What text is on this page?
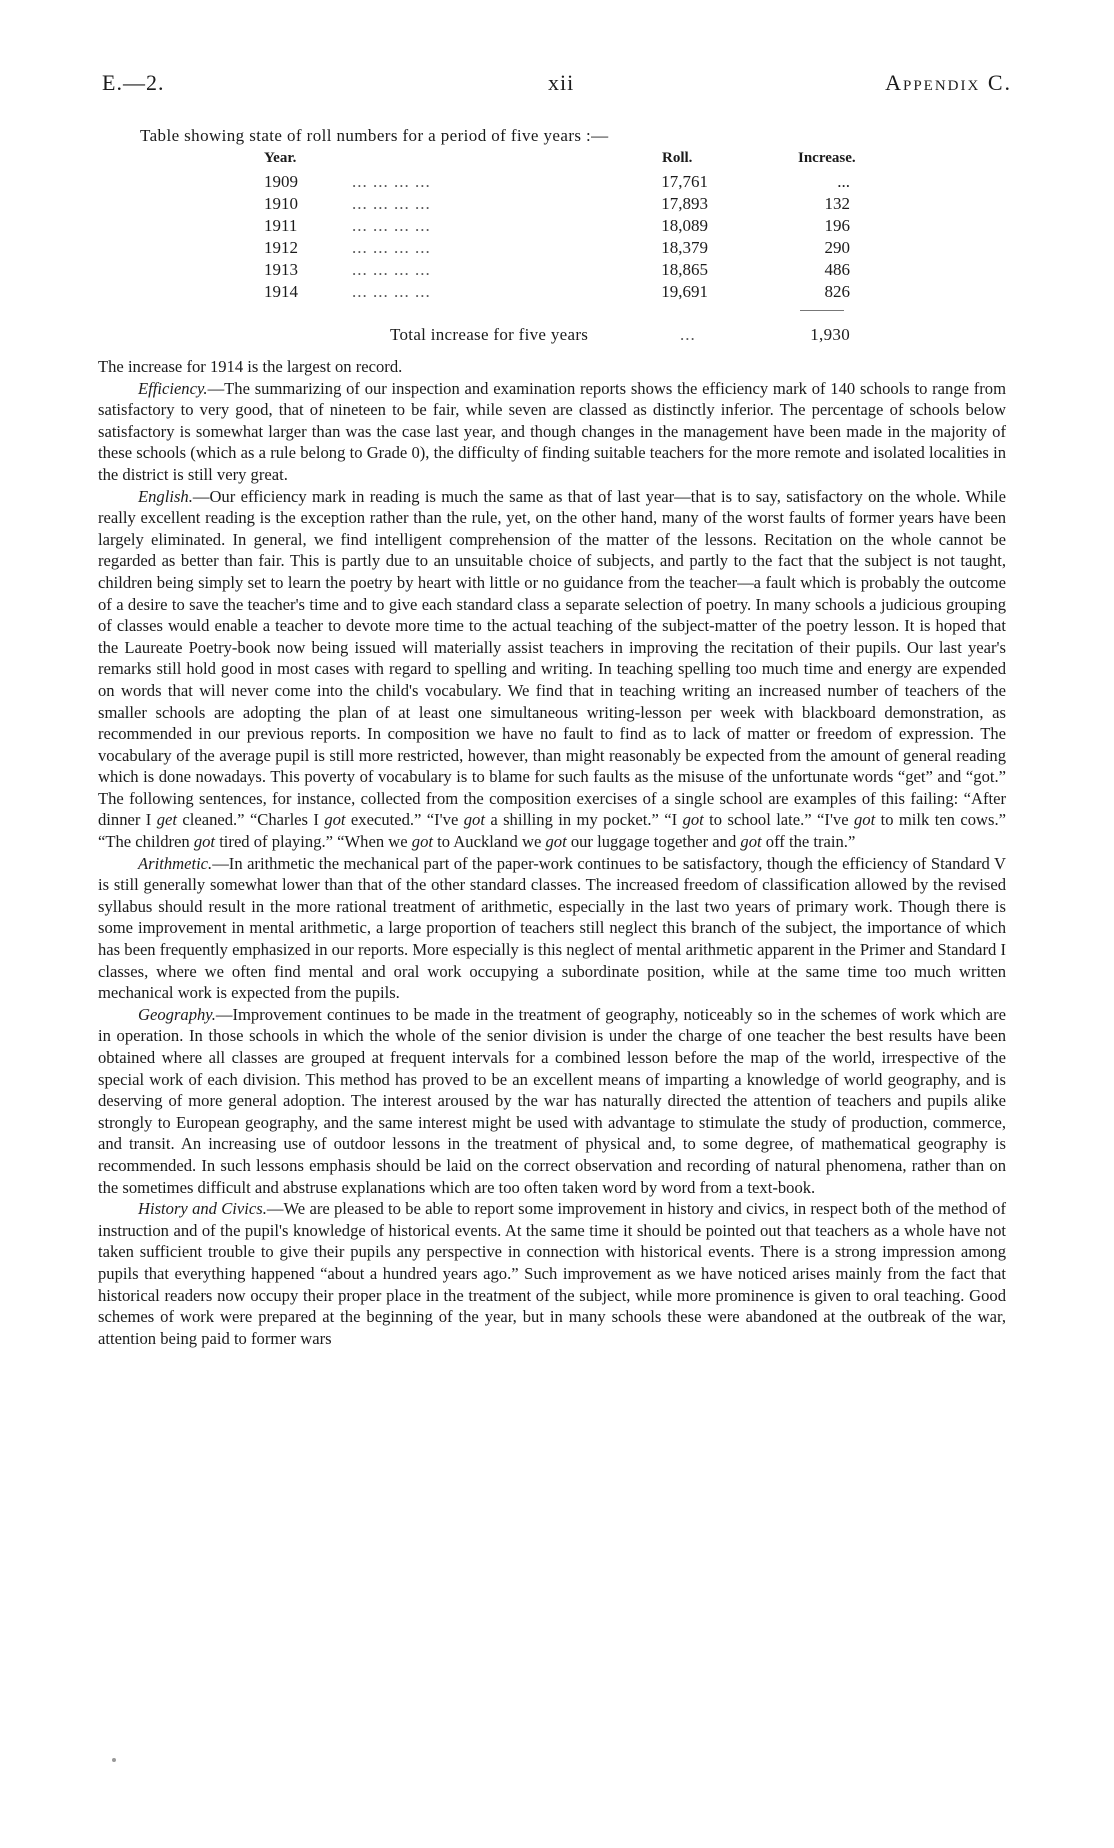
E.—2.	xii	Appendix C.
Table showing state of roll numbers for a period of five years :—
Year.	Roll.	Increase.
1909	... ... ... ...	17,761	...
1910	... ... ... ...	17,893	132
1911	... ... ... ...	18,089	196
1912	... ... ... ...	18,379	290
1913	... ... ... ...	18,865	486
1914	... ... ... ...	19,691	826
Total increase for five years	...	1,930

The increase for 1914 is the largest on record.

Efficiency.—The summarizing of our inspection and examination reports shows the efficiency mark of 140 schools to range from satisfactory to very good, that of nineteen to be fair, while seven are classed as distinctly inferior. The percentage of schools below satisfactory is somewhat larger than was the case last year, and though changes in the management have been made in the majority of these schools (which as a rule belong to Grade 0), the difficulty of finding suitable teachers for the more remote and isolated localities in the district is still very great.

English.—Our efficiency mark in reading is much the same as that of last year—that is to say, satisfactory on the whole. While really excellent reading is the exception rather than the rule, yet, on the other hand, many of the worst faults of former years have been largely eliminated. In general, we find intelligent comprehension of the matter of the lessons. Recitation on the whole cannot be regarded as better than fair. This is partly due to an unsuitable choice of subjects, and partly to the fact that the subject is not taught, children being simply set to learn the poetry by heart with little or no guidance from the teacher—a fault which is probably the outcome of a desire to save the teacher's time and to give each standard class a separate selection of poetry. In many schools a judicious grouping of classes would enable a teacher to devote more time to the actual teaching of the subject-matter of the poetry lesson. It is hoped that the Laureate Poetry-book now being issued will materially assist teachers in improving the recitation of their pupils. Our last year's remarks still hold good in most cases with regard to spelling and writing. In teaching spelling too much time and energy are expended on words that will never come into the child's vocabulary. We find that in teaching writing an increased number of teachers of the smaller schools are adopting the plan of at least one simultaneous writing-lesson per week with blackboard demonstration, as recommended in our previous reports. In composition we have no fault to find as to lack of matter or freedom of expression. The vocabulary of the average pupil is still more restricted, however, than might reasonably be expected from the amount of general reading which is done nowadays. This poverty of vocabulary is to blame for such faults as the misuse of the unfortunate words “get” and “got.” The following sentences, for instance, collected from the composition exercises of a single school are examples of this failing: “After dinner I get cleaned.” “Charles I got executed.” “I've got a shilling in my pocket.” “I got to school late.” “I've got to milk ten cows.” “The children got tired of playing.” “When we got to Auckland we got our luggage together and got off the train.”

Arithmetic.—In arithmetic the mechanical part of the paper-work continues to be satisfactory, though the efficiency of Standard V is still generally somewhat lower than that of the other standard classes. The increased freedom of classification allowed by the revised syllabus should result in the more rational treatment of arithmetic, especially in the last two years of primary work. Though there is some improvement in mental arithmetic, a large proportion of teachers still neglect this branch of the subject, the importance of which has been frequently emphasized in our reports. More especially is this neglect of mental arithmetic apparent in the Primer and Standard I classes, where we often find mental and oral work occupying a subordinate position, while at the same time too much written mechanical work is expected from the pupils.

Geography.—Improvement continues to be made in the treatment of geography, noticeably so in the schemes of work which are in operation. In those schools in which the whole of the senior division is under the charge of one teacher the best results have been obtained where all classes are grouped at frequent intervals for a combined lesson before the map of the world, irrespective of the special work of each division. This method has proved to be an excellent means of imparting a knowledge of world geography, and is deserving of more general adoption. The interest aroused by the war has naturally directed the attention of teachers and pupils alike strongly to European geography, and the same interest might be used with advantage to stimulate the study of production, commerce, and transit. An increasing use of outdoor lessons in the treatment of physical and, to some degree, of mathematical geography is recommended. In such lessons emphasis should be laid on the correct observation and recording of natural phenomena, rather than on the sometimes difficult and abstruse explanations which are too often taken word by word from a text-book.

History and Civics.—We are pleased to be able to report some improvement in history and civics, in respect both of the method of instruction and of the pupil's knowledge of historical events. At the same time it should be pointed out that teachers as a whole have not taken sufficient trouble to give their pupils any perspective in connection with historical events. There is a strong impression among pupils that everything happened “about a hundred years ago.” Such improvement as we have noticed arises mainly from the fact that historical readers now occupy their proper place in the treatment of the subject, while more prominence is given to oral teaching. Good schemes of work were prepared at the beginning of the year, but in many schools these were abandoned at the outbreak of the war, attention being paid to former wars
